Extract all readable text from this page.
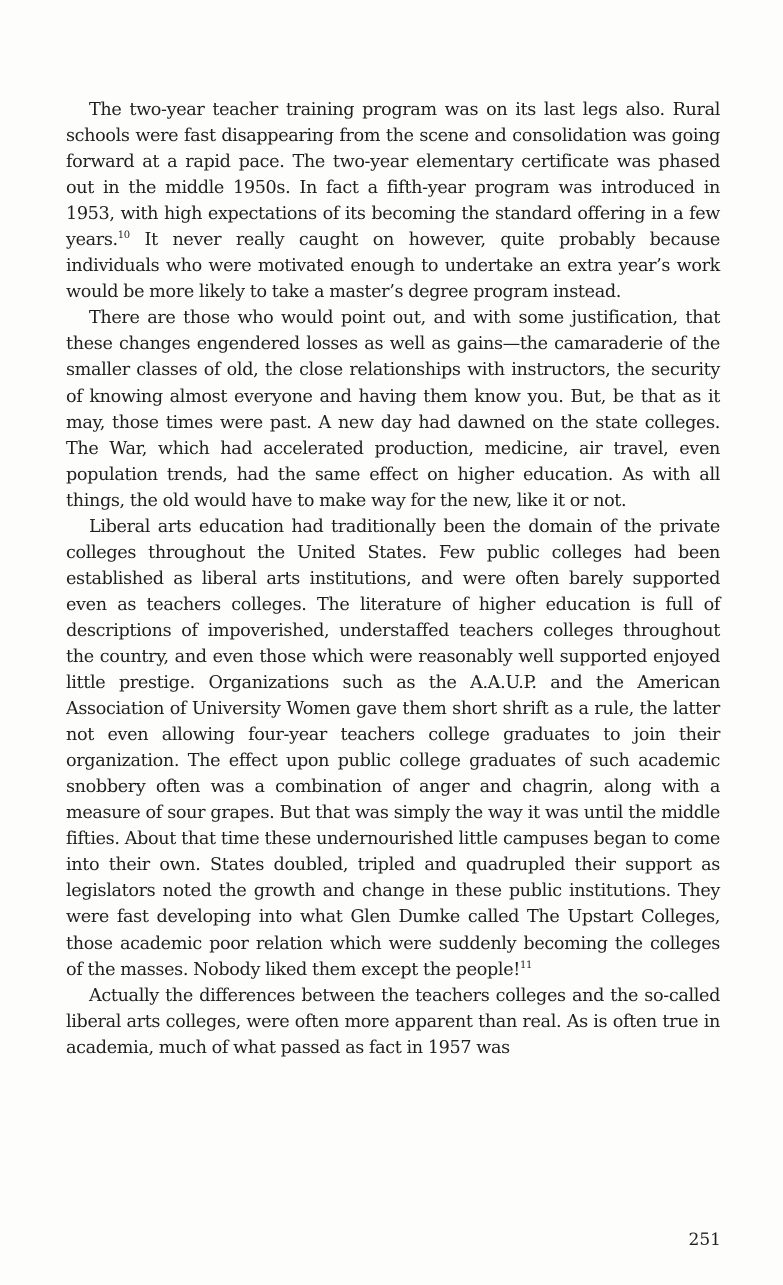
The two-year teacher training program was on its last legs also. Rural schools were fast disappearing from the scene and consolidation was going forward at a rapid pace. The two-year elementary certificate was phased out in the middle 1950s. In fact a fifth-year program was introduced in 1953, with high expectations of its becoming the standard offering in a few years.$^{10}$ It never really caught on however, quite probably because individuals who were motivated enough to undertake an extra year’s work would be more likely to take a master’s degree program instead.

There are those who would point out, and with some justification, that these changes engendered losses as well as gains—the camaraderie of the smaller classes of old, the close relationships with instructors, the security of knowing almost everyone and having them know you. But, be that as it may, those times were past. A new day had dawned on the state colleges. The War, which had accelerated production, medicine, air travel, even population trends, had the same effect on higher education. As with all things, the old would have to make way for the new, like it or not.

Liberal arts education had traditionally been the domain of the private colleges throughout the United States. Few public colleges had been established as liberal arts institutions, and were often barely supported even as teachers colleges. The literature of higher education is full of descriptions of impoverished, understaffed teachers colleges throughout the country, and even those which were reasonably well supported enjoyed little prestige. Organizations such as the A.A.U.P. and the American Association of University Women gave them short shrift as a rule, the latter not even allowing four-year teachers college graduates to join their organization. The effect upon public college graduates of such academic snobbery often was a combination of anger and chagrin, along with a measure of sour grapes. But that was simply the way it was until the middle fifties. About that time these undernourished little campuses began to come into their own. States doubled, tripled and quadrupled their support as legislators noted the growth and change in these public institutions. They were fast developing into what Glen Dumke called The Upstart Colleges, those academic poor relation which were suddenly becoming the colleges of the masses. Nobody liked them except the people!$^{11}$

Actually the differences between the teachers colleges and the so-called liberal arts colleges, were often more apparent than real. As is often true in academia, much of what passed as fact in 1957 was

251
